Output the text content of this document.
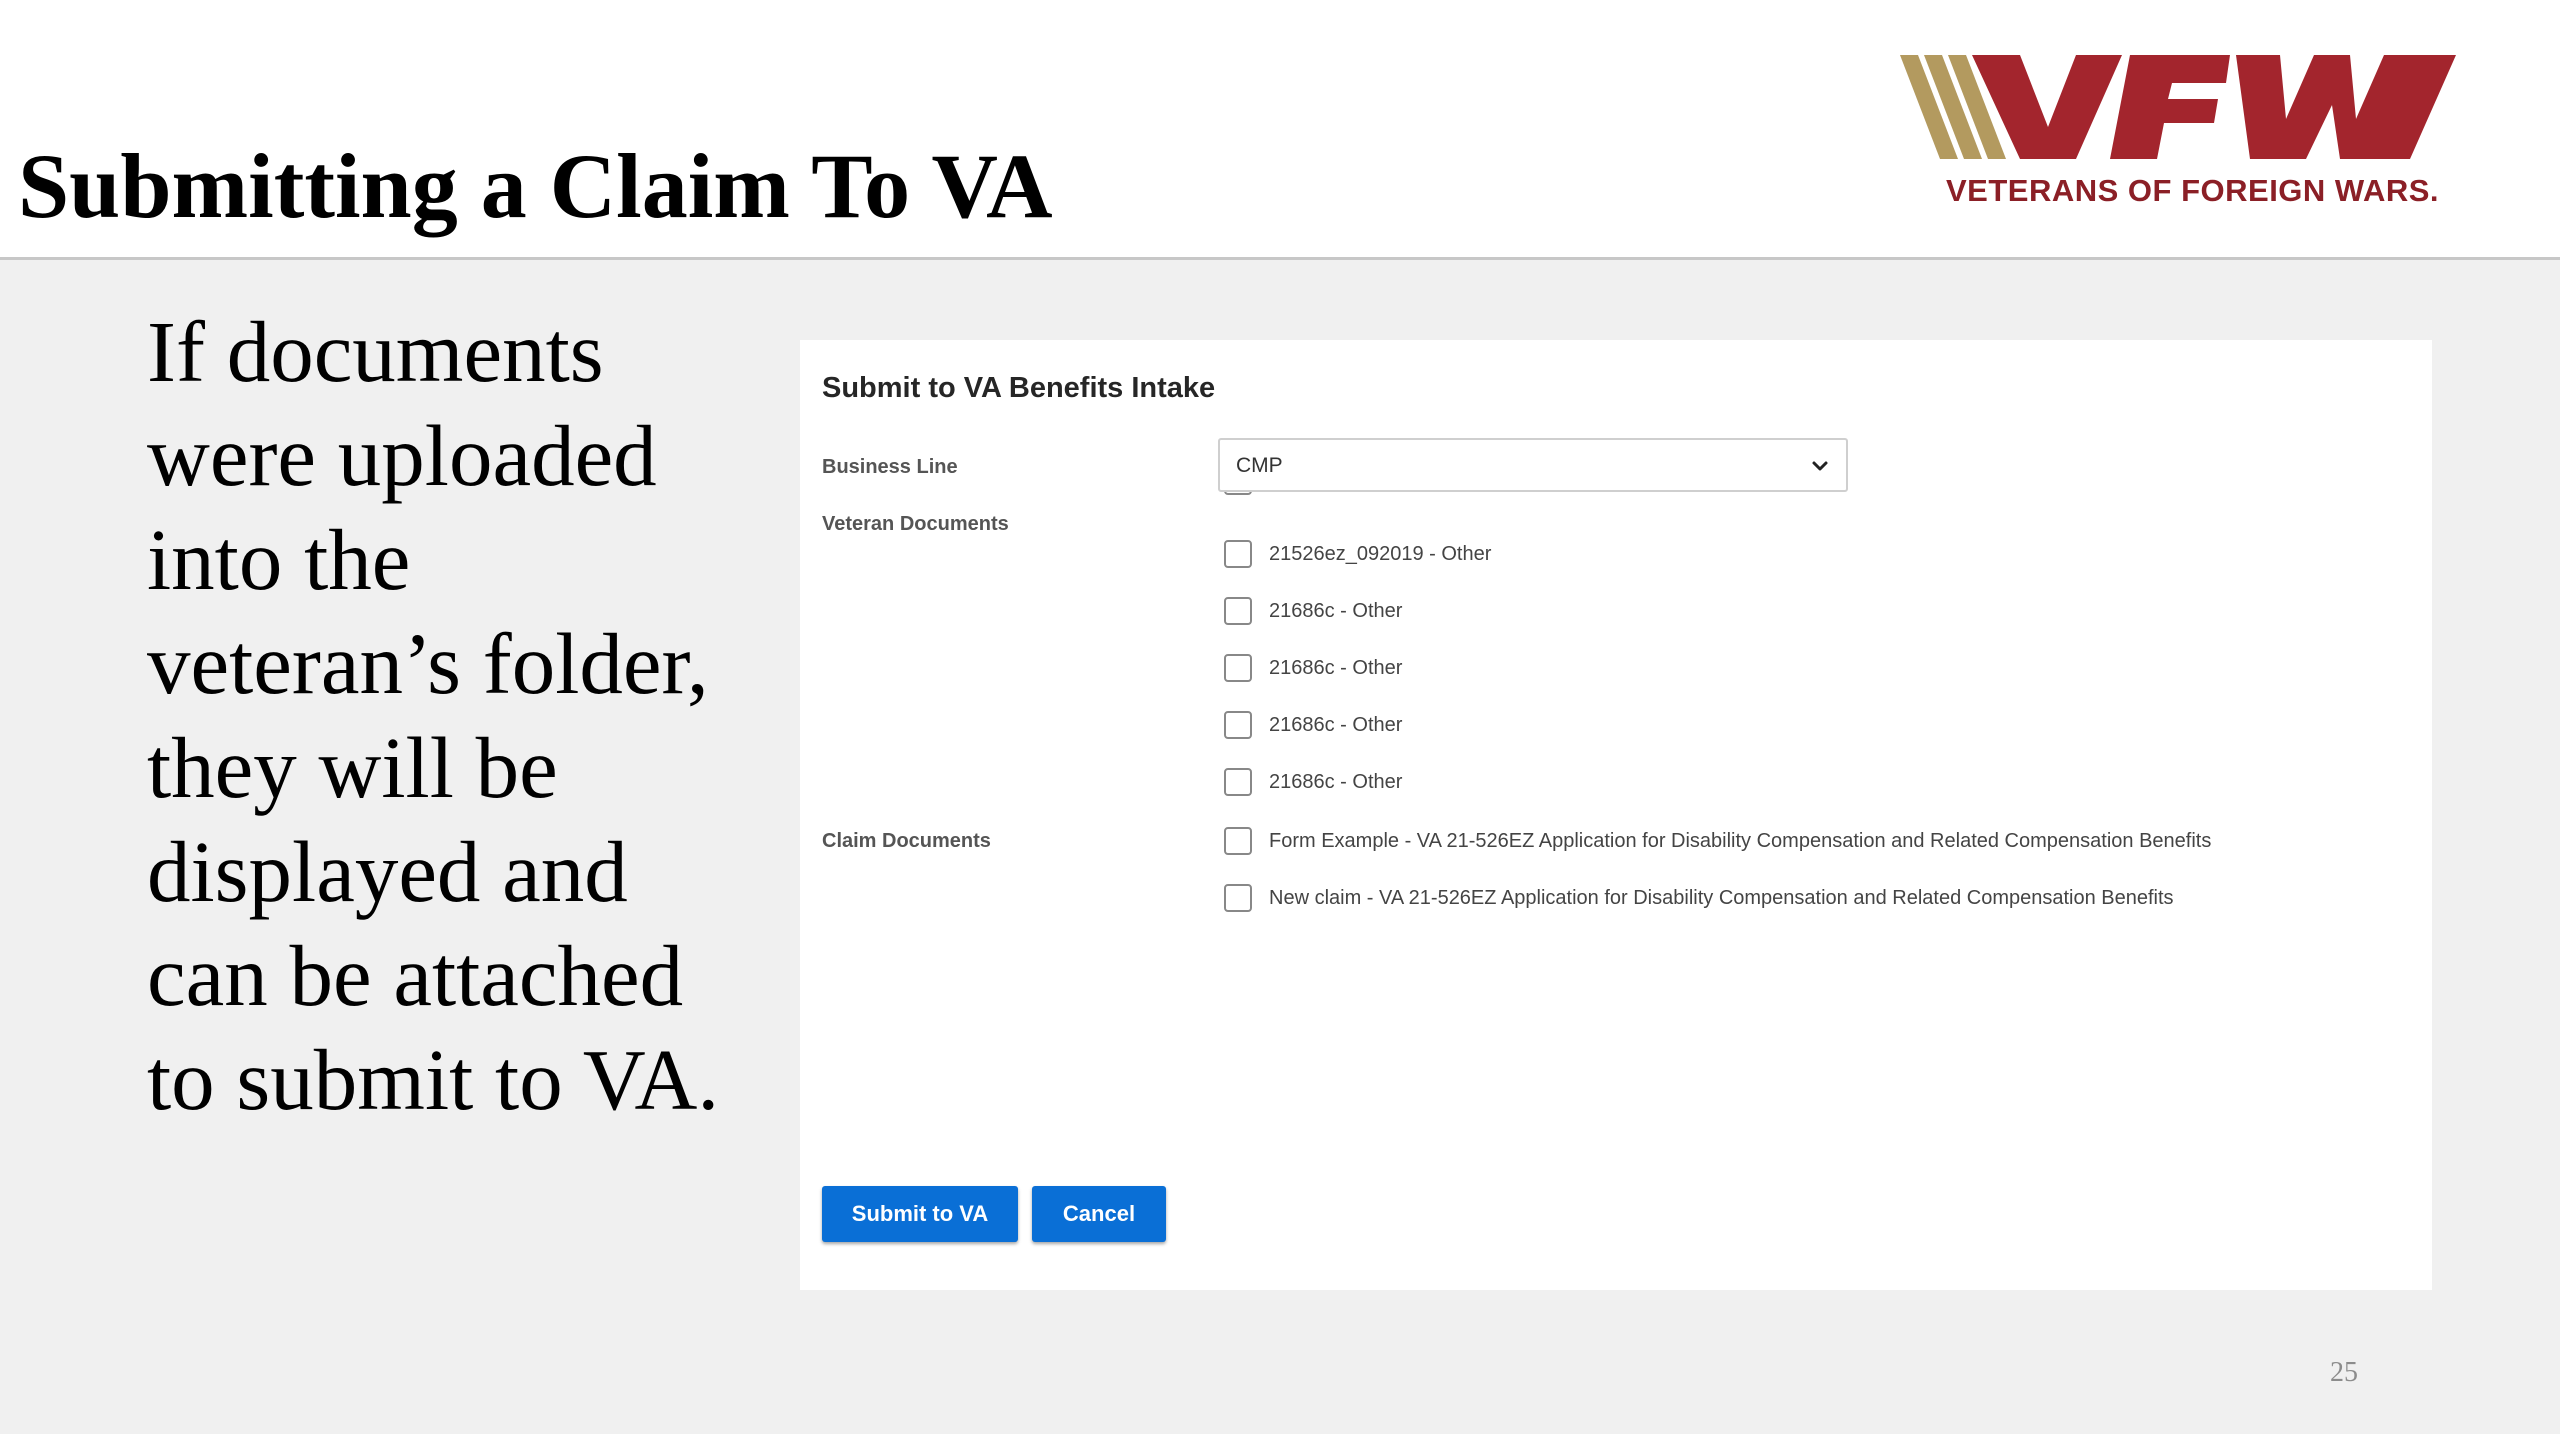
Submitting a Claim To VA	VETERANS OF FOREIGN WARS.
If documents
were uploaded
into the
veteran’s folder,
they will be
displayed and
can be attached
to submit to VA.
Submit to VA Benefits Intake
Business Line	CMP
Veteran Documents
21526ez_092019 - Other
21686c - Other
21686c - Other
21686c - Other
21686c - Other
Claim Documents	Form Example - VA 21-526EZ Application for Disability Compensation and Related Compensation Benefits
New claim - VA 21-526EZ Application for Disability Compensation and Related Compensation Benefits
Submit to VA	Cancel
25
